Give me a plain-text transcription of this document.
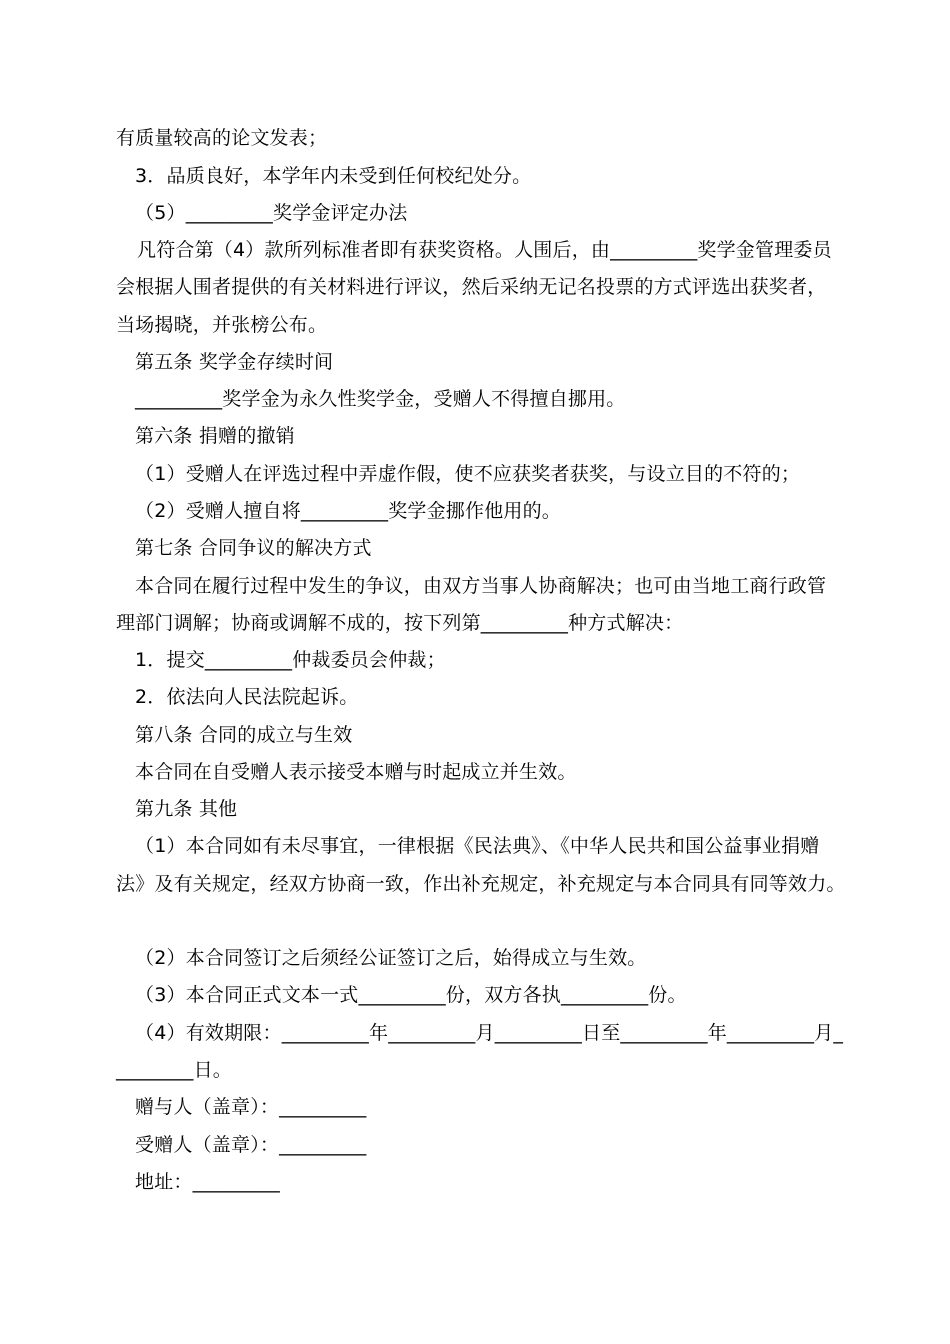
有质量较高的论文发表；
3．品质良好，本学年内未受到任何校纪处分。
（5）_________奖学金评定办法
凡符合第（4）款所列标准者即有获奖资格。人围后，由_________奖学金管理委员
会根据人围者提供的有关材料进行评议，然后采纳无记名投票的方式评选出获奖者，
当场揭晓，并张榜公布。
第五条 奖学金存续时间
_________奖学金为永久性奖学金，受赠人不得擅自挪用。
第六条 捐赠的撤销
（1）受赠人在评选过程中弄虚作假，使不应获奖者获奖，与设立目的不符的；
（2）受赠人擅自将_________奖学金挪作他用的。
第七条 合同争议的解决方式
本合同在履行过程中发生的争议，由双方当事人协商解决；也可由当地工商行政管
理部门调解；协商或调解不成的，按下列第_________种方式解决：
1．提交_________仲裁委员会仲裁；
2．依法向人民法院起诉。
第八条 合同的成立与生效
本合同在自受赠人表示接受本赠与时起成立并生效。
第九条 其他
（1）本合同如有未尽事宜，一律根据《民法典》、《中华人民共和国公益事业捐赠
法》及有关规定，经双方协商一致，作出补充规定，补充规定与本合同具有同等效力。
（2）本合同签订之后须经公证签订之后，始得成立与生效。
（3）本合同正式文本一式_________份，双方各执_________份。
（4）有效期限：_________年_________月_________日至_________年_________月_
________日。
赠与人（盖章）：_________
受赠人（盖章）：_________
地址：_________
